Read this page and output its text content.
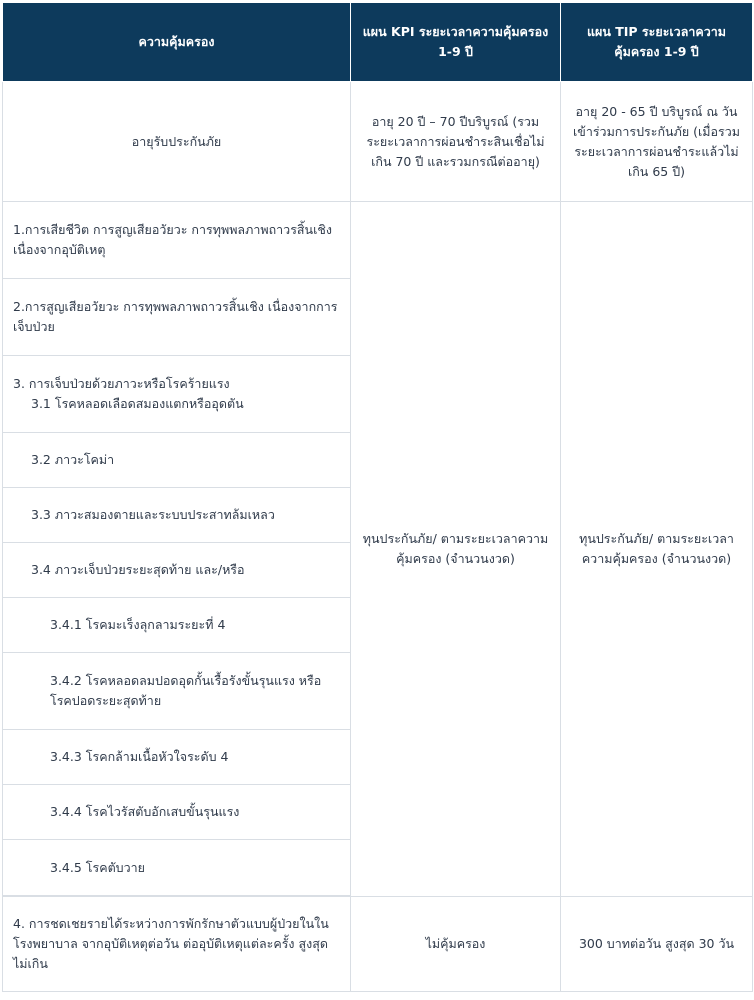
ความคุ้มครอง	แผน KPI ระยะเวลาความคุ้มครอง 1-9 ปี	แผน TIP ระยะเวลาความคุ้มครอง 1-9 ปี
อายุรับประกันภัย	อายุ 20 ปี – 70 ปีบริบูรณ์ (รวมระยะเวลาการผ่อนชำระสินเชื่อไม่เกิน 70 ปี และรวมกรณีต่ออายุ)	อายุ 20 - 65 ปี บริบูรณ์ ณ วันเข้าร่วมการประกันภัย (เมื่อรวมระยะเวลาการผ่อนชำระแล้วไม่เกิน 65 ปี)
1.การเสียชีวิต การสูญเสียอวัยวะ การทุพพลภาพถาวรสิ้นเชิง เนื่องจากอุบัติเหตุ	ทุนประกันภัย/ ตามระยะเวลาความคุ้มครอง (จำนวนงวด)	ทุนประกันภัย/ ตามระยะเวลาความคุ้มครอง (จำนวนงวด)
2.การสูญเสียอวัยวะ การทุพพลภาพถาวรสิ้นเชิง เนื่องจากการเจ็บป่วย		
3. การเจ็บป่วยด้วยภาวะหรือโรคร้ายแรง

3.1 โรคหลอดเลือดสมองแตกหรืออุดตัน		

3.2 ภาวะโคม่า		
3.3 ภาวะสมองตายและระบบประสาทล้มเหลว		
3.4 ภาวะเจ็บป่วยระยะสุดท้าย และ/หรือ		
3.4.1 โรคมะเร็งลุกลามระยะที่ 4		
3.4.2 โรคหลอดลมปอดอุดกั้นเรื้อรังขั้นรุนแรง หรือโรคปอดระยะสุดท้าย		
3.4.3 โรคกล้ามเนื้อหัวใจระดับ 4		
3.4.4 โรคไวรัสตับอักเสบขั้นรุนแรง		
3.4.5 โรคตับวาย		

4. การชดเชยรายได้ระหว่างการพักรักษาตัวแบบผู้ป่วยในในโรงพยาบาล จากอุบัติเหตุต่อวัน ต่ออุบัติเหตุแต่ละครั้ง สูงสุดไม่เกิน	ไม่คุ้มครอง	300 บาทต่อวัน สูงสุด 30 วัน
